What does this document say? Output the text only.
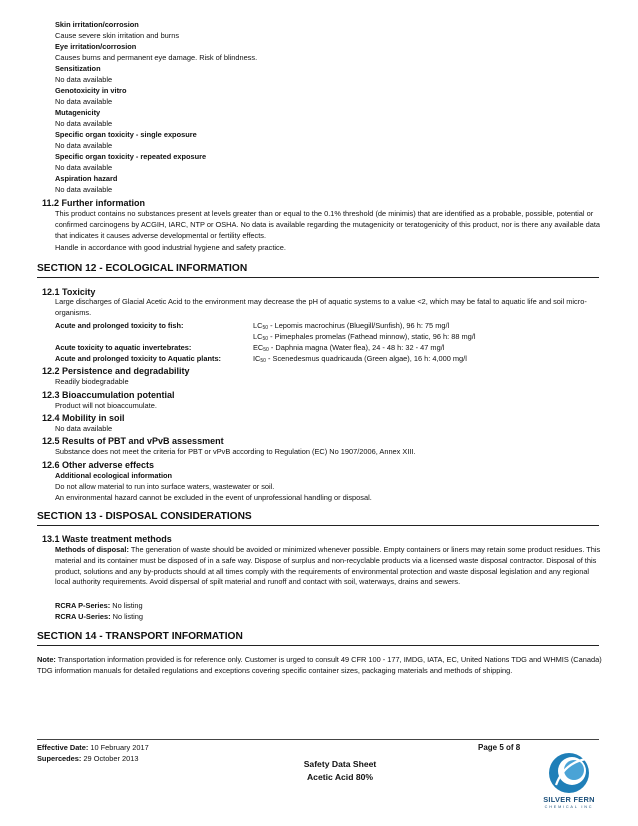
Skin irritation/corrosion
Cause severe skin irritation and burns
Eye irritation/corrosion
Causes burns and permanent eye damage. Risk of blindness.
Sensitization
No data available
Genotoxicity in vitro
No data available
Mutagenicity
No data available
Specific organ toxicity - single exposure
No data available
Specific organ toxicity - repeated exposure
No data available
Aspiration hazard
No data available
11.2 Further information
This product contains no substances present at levels greater than or equal to the 0.1% threshold (de minimis) that are identified as a probable, possible, potential or confirmed carcinogens by ACGIH, IARC, NTP or OSHA. No data is available regarding the mutagenicity or teratogenicity of this product, nor is there any available data that indicates it causes adverse developmental or fertility effects.
Handle in accordance with good industrial hygiene and safety practice.
SECTION 12 - ECOLOGICAL INFORMATION
12.1 Toxicity
Large discharges of Glacial Acetic Acid to the environment may decrease the pH of aquatic systems to a value <2, which may be fatal to aquatic life and soil micro-organisms.
Acute and prolonged toxicity to fish:	$LC_{50}$ - Lepomis macrochirus (Bluegill/Sunfish), 96 h: 75 mg/l
$LC_{50}$ - Pimephales promelas (Fathead minnow), static, 96 h: 88 mg/l
Acute toxicity to aquatic invertebrates:	$EC_{50}$ - Daphnia magna (Water flea), 24 - 48 h: 32 - 47 mg/l
Acute and prolonged toxicity to Aquatic plants:	$IC_{50}$ - Scenedesmus quadricauda (Green algae), 16 h: 4,000 mg/l
12.2 Persistence and degradability
Readily biodegradable
12.3 Bioaccumulation potential
Product will not bioaccumulate.
12.4 Mobility in soil
No data available
12.5 Results of PBT and vPvB assessment
Substance does not meet the criteria for PBT or vPvB according to Regulation (EC) No 1907/2006, Annex XIII.
12.6 Other adverse effects
Additional ecological information
Do not allow material to run into surface waters, wastewater or soil.
An environmental hazard cannot be excluded in the event of unprofessional handling or disposal.
SECTION 13 - DISPOSAL CONSIDERATIONS
13.1 Waste treatment methods
Methods of disposal: The generation of waste should be avoided or minimized whenever possible. Empty containers or liners may retain some product residues. This material and its container must be disposed of in a safe way. Dispose of surplus and non-recyclable products via a licensed waste disposal contractor. Disposal of this product, solutions and any by-products should at all times comply with the requirements of environmental protection and waste disposal legislation and any regional local authority requirements. Avoid dispersal of spilt material and runoff and contact with soil, waterways, drains and sewers.
RCRA P-Series: No listing
RCRA U-Series: No listing
SECTION 14 - TRANSPORT INFORMATION
Note: Transportation information provided is for reference only. Customer is urged to consult 49 CFR 100 - 177, IMDG, IATA, EC, United Nations TDG and WHMIS (Canada) TDG information manuals for detailed regulations and exceptions covering specific container sizes, packaging materials and methods of shipping.
Effective Date: 10 February 2017
Supercedes: 29 October 2013
Safety Data Sheet
Acetic Acid 80%
Page 5 of 8
SILVER FERN
CHEMICAL INC
